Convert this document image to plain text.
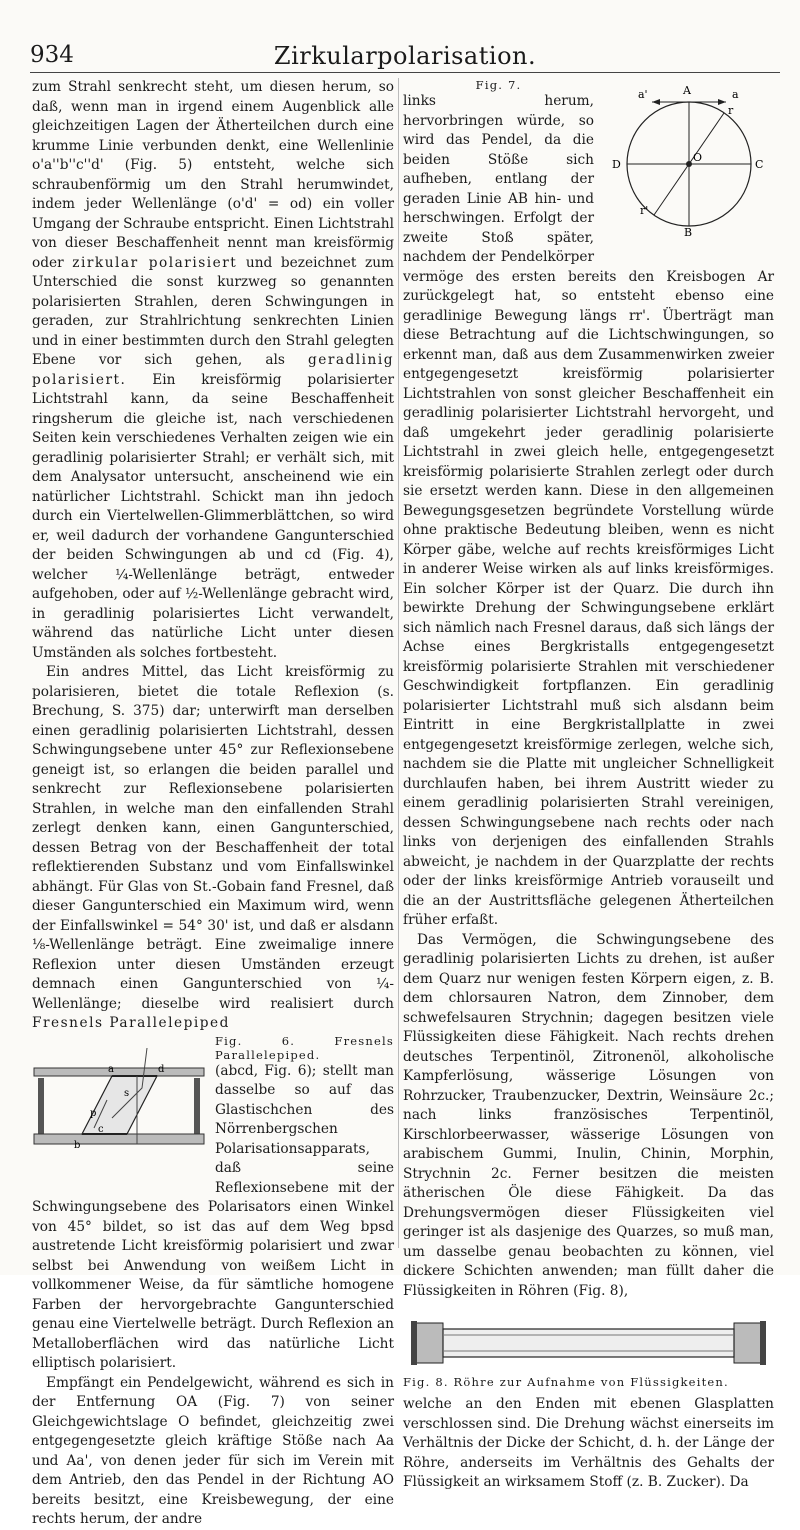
934	Zirkularpolarisation.

zum Strahl senkrecht steht, um diesen herum, so daß, wenn man in irgend einem Augenblick alle gleichzeitigen Lagen der Ätherteilchen durch eine krumme Linie verbunden denkt, eine Wellenlinie o'a''b''c''d' (Fig. 5) entsteht, welche sich schraubenförmig um den Strahl herumwindet, indem jeder Wellenlänge (o'd' = od) ein voller Umgang der Schraube entspricht. Einen Lichtstrahl von dieser Beschaffenheit nennt man kreisförmig oder zirkular polarisiert und bezeichnet zum Unterschied die sonst kurzweg so genannten polarisierten Strahlen, deren Schwingungen in geraden, zur Strahlrichtung senkrechten Linien und in einer bestimmten durch den Strahl gelegten Ebene vor sich gehen, als geradlinig polarisiert. Ein kreisförmig polarisierter Lichtstrahl kann, da seine Beschaffenheit ringsherum die gleiche ist, nach verschiedenen Seiten kein verschiedenes Verhalten zeigen wie ein geradlinig polarisierter Strahl; er verhält sich, mit dem Analysator untersucht, anscheinend wie ein natürlicher Lichtstrahl. Schickt man ihn jedoch durch ein Viertelwellen-Glimmerblättchen, so wird er, weil dadurch der vorhandene Gangunterschied der beiden Schwingungen ab und cd (Fig. 4), welcher ¼-Wellenlänge beträgt, entweder aufgehoben, oder auf ½-Wellenlänge gebracht wird, in geradlinig polarisiertes Licht verwandelt, während das natürliche Licht unter diesen Umständen als solches fortbesteht.

Ein andres Mittel, das Licht kreisförmig zu polarisieren, bietet die totale Reflexion (s. Brechung, S. 375) dar; unterwirft man derselben einen geradlinig polarisierten Lichtstrahl, dessen Schwingungsebene unter 45° zur Reflexionsebene geneigt ist, so erlangen die beiden parallel und senkrecht zur Reflexionsebene polarisierten Strahlen, in welche man den einfallenden Strahl zerlegt denken kann, einen Gangunterschied, dessen Betrag von der Beschaffenheit der total reflektierenden Substanz und vom Einfallswinkel abhängt. Für Glas von St.-Gobain fand Fresnel, daß dieser Gangunterschied ein Maximum wird, wenn der Einfallswinkel = 54° 30' ist, und daß er alsdann ⅛-Wellenlänge beträgt. Eine zweimalige innere Reflexion unter diesen Umständen erzeugt demnach einen Gangunterschied von ¼-Wellenlänge; dieselbe wird realisiert durch Fresnels Parallelepiped
a
b
c
d
p
s

Fig. 6. Fresnels Parallelepiped.
(abcd, Fig. 6); stellt man dasselbe so auf das Glastischchen des Nörrenbergschen Polarisationsapparats, daß seine Reflexionsebene mit der Schwingungsebene des Polarisators einen Winkel von 45° bildet, so ist das auf dem Weg bpsd austretende Licht kreisförmig polarisiert und zwar selbst bei Anwendung von weißem Licht in vollkommener Weise, da für sämtliche homogene Farben der hervorgebrachte Gangunterschied genau eine Viertelwelle beträgt. Durch Reflexion an Metalloberflächen wird das natürliche Licht elliptisch polarisiert.

Empfängt ein Pendelgewicht, während es sich in der Entfernung OA (Fig. 7) von seiner Gleichgewichtslage O befindet, gleichzeitig zwei entgegengesetzte gleich kräftige Stöße nach Aa und Aa', von denen jeder für sich im Verein mit dem Antrieb, den das Pendel in der Richtung AO bereits besitzt, eine Kreisbewegung, der eine rechts herum, der andre

a'	A	a
r
D
O
C
r'
B

Fig. 7.
links herum, hervorbringen würde, so wird das Pendel, da die beiden Stöße sich aufheben, entlang der geraden Linie AB hin- und herschwingen. Erfolgt der zweite Stoß später, nachdem der Pendelkörper vermöge des ersten bereits den Kreisbogen Ar zurückgelegt hat, so entsteht ebenso eine geradlinige Bewegung längs rr'. Überträgt man diese Betrachtung auf die Lichtschwingungen, so erkennt man, daß aus dem Zusammenwirken zweier entgegengesetzt kreisförmig polarisierter Lichtstrahlen von sonst gleicher Beschaffenheit ein geradlinig polarisierter Lichtstrahl hervorgeht, und daß umgekehrt jeder geradlinig polarisierte Lichtstrahl in zwei gleich helle, entgegengesetzt kreisförmig polarisierte Strahlen zerlegt oder durch sie ersetzt werden kann. Diese in den allgemeinen Bewegungsgesetzen begründete Vorstellung würde ohne praktische Bedeutung bleiben, wenn es nicht Körper gäbe, welche auf rechts kreisförmiges Licht in anderer Weise wirken als auf links kreisförmiges. Ein solcher Körper ist der Quarz. Die durch ihn bewirkte Drehung der Schwingungsebene erklärt sich nämlich nach Fresnel daraus, daß sich längs der Achse eines Bergkristalls entgegengesetzt kreisförmig polarisierte Strahlen mit verschiedener Geschwindigkeit fortpflanzen. Ein geradlinig polarisierter Lichtstrahl muß sich alsdann beim Eintritt in eine Bergkristallplatte in zwei entgegengesetzt kreisförmige zerlegen, welche sich, nachdem sie die Platte mit ungleicher Schnelligkeit durchlaufen haben, bei ihrem Austritt wieder zu einem geradlinig polarisierten Strahl vereinigen, dessen Schwingungsebene nach rechts oder nach links von derjenigen des einfallenden Strahls abweicht, je nachdem in der Quarzplatte der rechts oder der links kreisförmige Antrieb vorauseilt und die an der Austrittsfläche gelegenen Ätherteilchen früher erfaßt.

Das Vermögen, die Schwingungsebene des geradlinig polarisierten Lichts zu drehen, ist außer dem Quarz nur wenigen festen Körpern eigen, z. B. dem chlorsauren Natron, dem Zinnober, dem schwefelsauren Strychnin; dagegen besitzen viele Flüssigkeiten diese Fähigkeit. Nach rechts drehen deutsches Terpentinöl, Zitronenöl, alkoholische Kampferlösung, wässerige Lösungen von Rohrzucker, Traubenzucker, Dextrin, Weinsäure 2c.; nach links französisches Terpentinöl, Kirschlorbeerwasser, wässerige Lösungen von arabischem Gummi, Inulin, Chinin, Morphin, Strychnin 2c. Ferner besitzen die meisten ätherischen Öle diese Fähigkeit. Da das Drehungsvermögen dieser Flüssigkeiten viel geringer ist als dasjenige des Quarzes, so muß man, um dasselbe genau beobachten zu können, viel dickere Schichten anwenden; man füllt daher die Flüssigkeiten in Röhren (Fig. 8),

Fig. 8. Röhre zur Aufnahme von Flüssigkeiten.

welche an den Enden mit ebenen Glasplatten verschlossen sind. Die Drehung wächst einerseits im Verhältnis der Dicke der Schicht, d. h. der Länge der Röhre, anderseits im Verhältnis des Gehalts der Flüssigkeit an wirksamem Stoff (z. B. Zucker). Da
